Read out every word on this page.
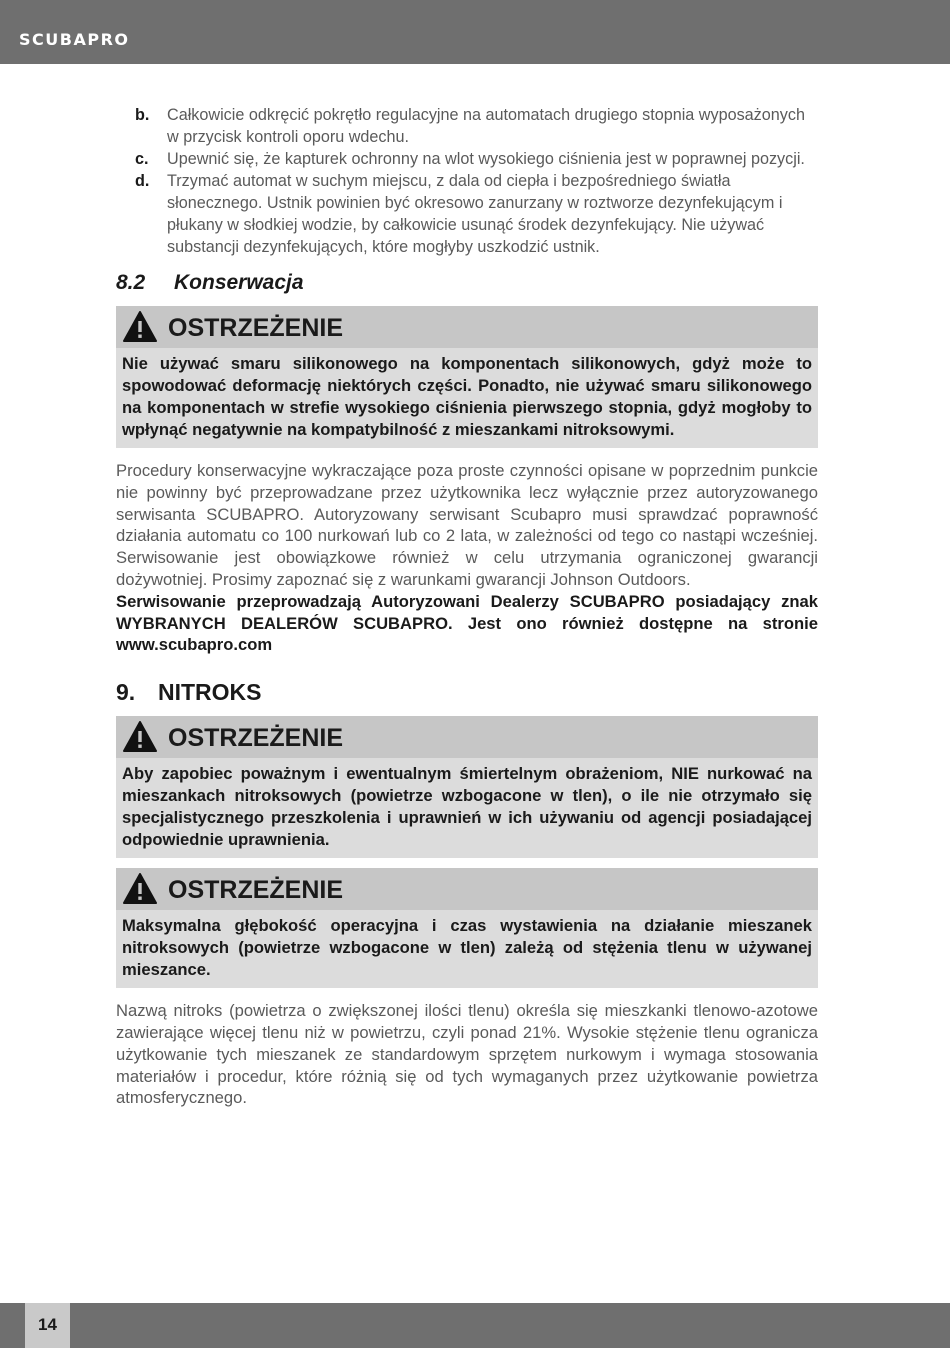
SCUBAPRO
b. Całkowicie odkręcić pokrętło regulacyjne na automatach drugiego stopnia wyposażonych w przycisk kontroli oporu wdechu.
c. Upewnić się, że kapturek ochronny na wlot wysokiego ciśnienia jest w poprawnej pozycji.
d. Trzymać automat w suchym miejscu, z dala od ciepła i bezpośredniego światła słonecznego. Ustnik powinien być okresowo zanurzany w roztworze dezynfekującym i płukany w słodkiej wodzie, by całkowicie usunąć środek dezynfekujący. Nie używać substancji dezynfekujących, które mogłyby uszkodzić ustnik.
8.2 Konserwacja
OSTRZEŻENIE
Nie używać smaru silikonowego na komponentach silikonowych, gdyż może to spowodować deformację niektórych części. Ponadto, nie używać smaru silikonowego na komponentach w strefie wysokiego ciśnienia pierwszego stopnia, gdyż mogłoby to wpłynąć negatywnie na kompatybilność z mieszankami nitroksowymi.
Procedury konserwacyjne wykraczające poza proste czynności opisane w poprzednim punkcie nie powinny być przeprowadzane przez użytkownika lecz wyłącznie przez autoryzowanego serwisanta SCUBAPRO. Autoryzowany serwisant Scubapro musi sprawdzać poprawność działania automatu co 100 nurkowań lub co 2 lata, w zależności od tego co nastąpi wcześniej. Serwisowanie jest obowiązkowe również w celu utrzymania ograniczonej gwarancji dożywotniej. Prosimy zapoznać się z warunkami gwarancji Johnson Outdoors.
Serwisowanie przeprowadzają Autoryzowani Dealerzy SCUBAPRO posiadający znak WYBRANYCH DEALERÓW SCUBAPRO. Jest ono również dostępne na stronie www.scubapro.com
9. NITROKS
OSTRZEŻENIE
Aby zapobiec poważnym i ewentualnym śmiertelnym obrażeniom, NIE nurkować na mieszankach nitroksowych (powietrze wzbogacone w tlen), o ile nie otrzymało się specjalistycznego przeszkolenia i uprawnień w ich używaniu od agencji posiadającej odpowiednie uprawnienia.
OSTRZEŻENIE
Maksymalna głębokość operacyjna i czas wystawienia na działanie mieszanek nitroksowych (powietrze wzbogacone w tlen) zależą od stężenia tlenu w używanej mieszance.
Nazwą nitroks (powietrza o zwiększonej ilości tlenu) określa się mieszkanki tlenowo-azotowe zawierające więcej tlenu niż w powietrzu, czyli ponad 21%. Wysokie stężenie tlenu ogranicza użytkowanie tych mieszanek ze standardowym sprzętem nurkowym i wymaga stosowania materiałów i procedur, które różnią się od tych wymaganych przez użytkowanie powietrza atmosferycznego.
14
